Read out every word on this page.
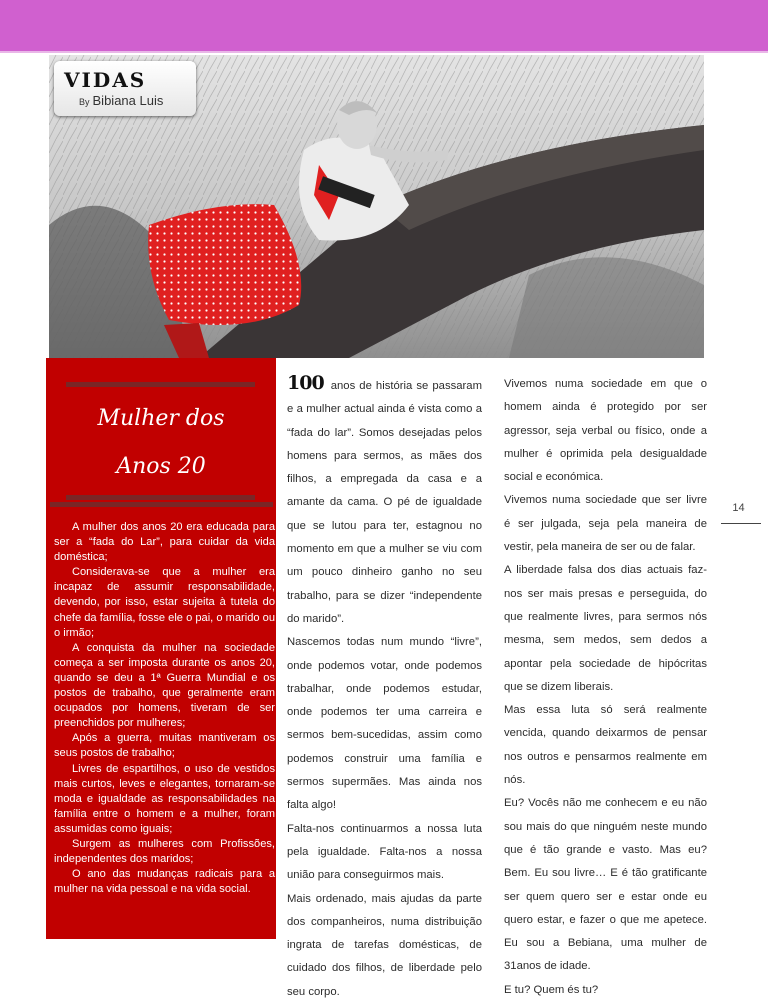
VIDAS
By Bibiana Luis
Mulher dos
Anos 20

A mulher dos anos 20 era educada para ser a “fada do Lar”, para cuidar da vida doméstica;

Considerava-se que a mulher era incapaz de assumir responsabilidade, devendo, por isso, estar sujeita à tutela do chefe da família, fosse ele o pai, o marido ou o irmão;

A conquista da mulher na sociedade começa a ser imposta durante os anos 20, quando se deu a 1ª Guerra Mundial e os postos de trabalho, que geralmente eram ocupados por homens, tiveram de ser preenchidos por mulheres;

Após a guerra, muitas mantiveram os seus postos de trabalho;

Livres de espartilhos, o uso de vestidos mais curtos, leves e elegantes, tornaram-se moda e igualdade as responsabilidades na família entre o homem e a mulher, foram assumidas como iguais;

Surgem as mulheres com Profissões, independentes dos maridos;

O ano das mudanças radicais para a mulher na vida pessoal e na vida social.

100 anos de história se passaram e a mulher actual ainda é vista como a “fada do lar”. Somos desejadas pelos homens para sermos, as mães dos filhos, a empregada da casa e a amante da cama. O pé de igualdade que se lutou para ter, estagnou no momento em que a mulher se viu com um pouco dinheiro ganho no seu trabalho, para se dizer “independente do marido”.

Nascemos todas num mundo “livre”, onde podemos votar, onde podemos trabalhar, onde podemos estudar, onde podemos ter uma carreira e sermos bem-sucedidas, assim como podemos construir uma família e sermos supermães. Mas ainda nos falta algo!

Falta-nos continuarmos a nossa luta pela igualdade. Falta-nos a nossa união para conseguirmos mais.

Mais ordenado, mais ajudas da parte dos companheiros, numa distribuição ingrata de tarefas domésticas, de cuidado dos filhos, de liberdade pelo seu corpo.

Vivemos numa sociedade em que o homem ainda é protegido por ser agressor, seja verbal ou físico, onde a mulher é oprimida pela desigualdade social e económica.

Vivemos numa sociedade que ser livre é ser julgada, seja pela maneira de vestir, pela maneira de ser ou de falar.

A liberdade falsa dos dias actuais faz-nos ser mais presas e perseguida, do que realmente livres, para sermos nós mesma, sem medos, sem dedos a apontar pela sociedade de hipócritas que se dizem liberais.

Mas essa luta só será realmente vencida, quando deixarmos de pensar nos outros e pensarmos realmente em nós.

Eu? Vocês não me conhecem e eu não sou mais do que ninguém neste mundo que é tão grande e vasto. Mas eu? Bem. Eu sou livre… E é tão gratificante ser quem quero ser e estar onde eu quero estar, e fazer o que me apetece. Eu sou a Bebiana, uma mulher de 31anos de idade.

E tu? Quem és tu?

14
